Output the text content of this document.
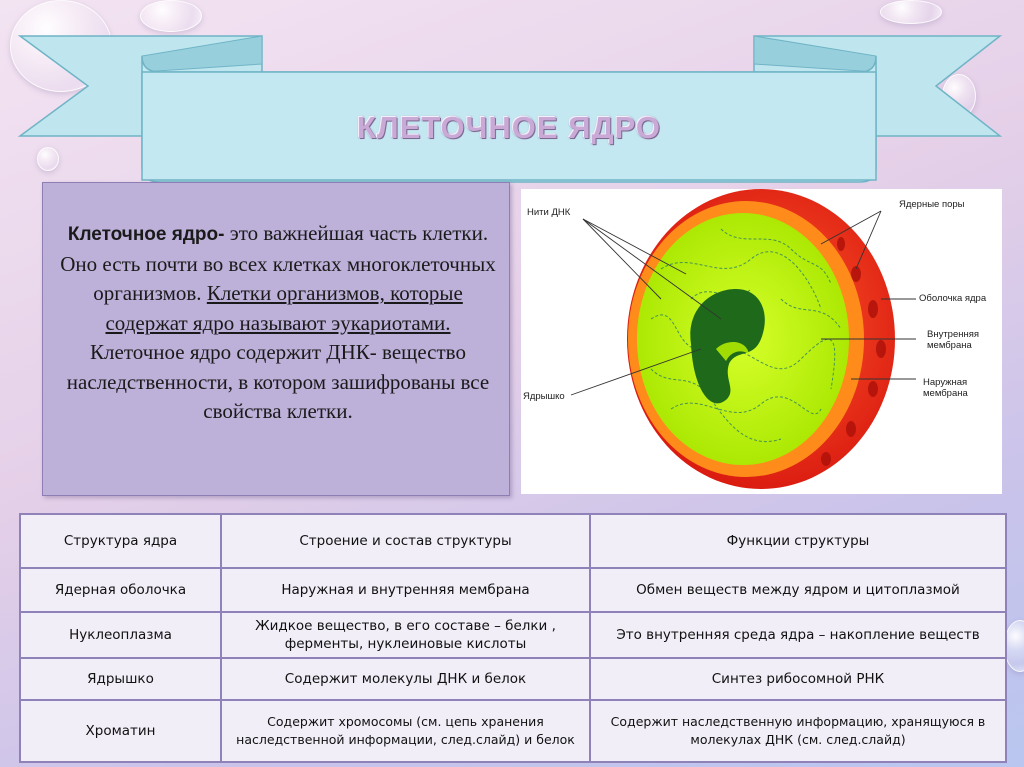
КЛЕТОЧНОЕ ЯДРО

Клеточное ядро- это важнейшая часть клетки. Оно есть почти во всех клетках многоклеточных организмов. Клетки организмов, которые содержат ядро называют эукариотами. Клеточное ядро содержит ДНК- вещество наследственности, в котором зашифрованы все свойства клетки.

Нити ДНК
Ядерные поры
Оболочка ядра
Внутренняя
мембрана
Наружная
мембрана
Ядрышко
Структура ядра	Строение и состав структуры	Функции структуры
Ядерная оболочка	Наружная и внутренняя мембрана	Обмен веществ между ядром и цитоплазмой
Нуклеоплазма	Жидкое вещество, в его составе – белки , ферменты, нуклеиновые кислоты	Это внутренняя среда ядра – накопление веществ
Ядрышко	Содержит молекулы ДНК и белок	Синтез рибосомной РНК
Хроматин	Содержит хромосомы (см. цепь хранения наследственной информации, след.слайд) и белок	Содержит наследственную информацию, хранящуюся в молекулах ДНК (см. след.слайд)
